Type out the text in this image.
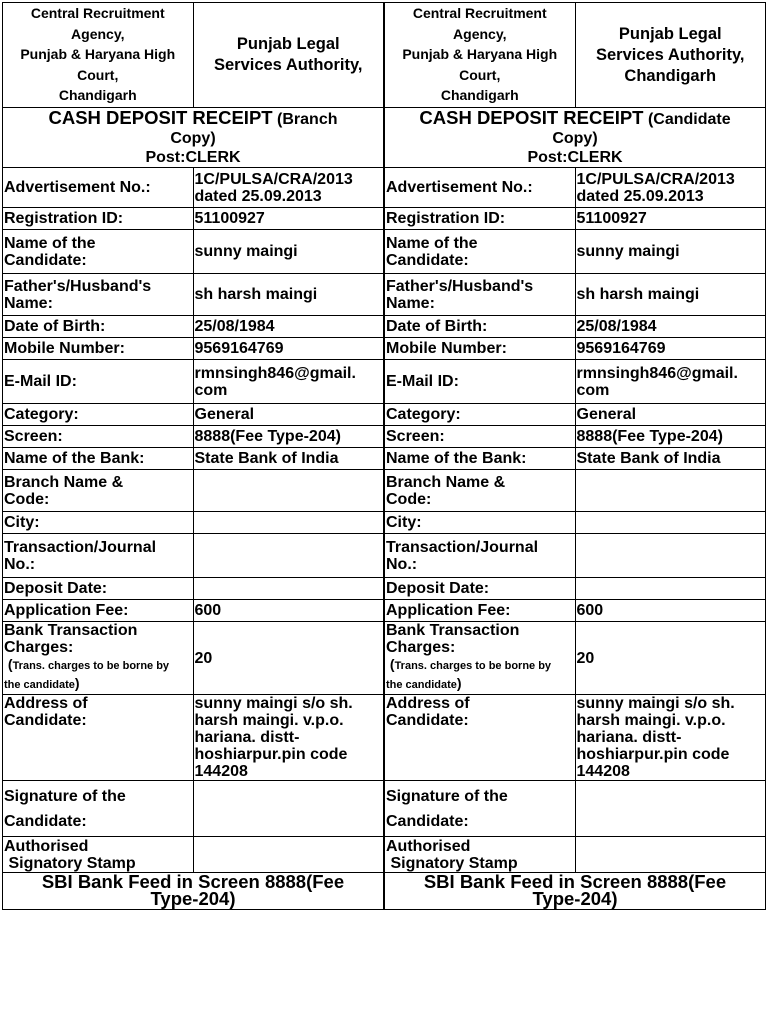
Central Recruitment
Agency,
Punjab & Haryana High
Court,
Chandigarh	Punjab Legal
Services Authority,
CASH DEPOSIT RECEIPT (Branch
Copy)
Post:CLERK	
Advertisement No.:	1C/PULSA/CRA/2013
dated 25.09.2013
Registration ID:	51100927
Name of the
Candidate:	sunny maingi
Father's/Husband's
Name:	sh harsh maingi
Date of Birth:	25/08/1984
Mobile Number:	9569164769
E-Mail ID:	rmnsingh846@gmail.
com
Category:	General
Screen:	8888(Fee Type-204)
Name of the Bank:	State Bank of India
Branch Name &
Code:	
City:	
Transaction/Journal
No.:	
Deposit Date:	
Application Fee:	600
Bank Transaction
Charges:
(Trans. charges to be borne by
the candidate)	20
Address of
Candidate:	sunny maingi s/o sh.
harsh maingi. v.p.o.
hariana. distt-
hoshiarpur.pin code
144208
Signature of the
Candidate:	
Authorised
Signatory Stamp	
SBI Bank Feed in Screen 8888(Fee
Type-204)	
Central Recruitment
Agency,
Punjab & Haryana High
Court,
Chandigarh	Punjab Legal
Services Authority,
Chandigarh
CASH DEPOSIT RECEIPT (Candidate
Copy)
Post:CLERK	
Advertisement No.:	1C/PULSA/CRA/2013
dated 25.09.2013
Registration ID:	51100927
Name of the
Candidate:	sunny maingi
Father's/Husband's
Name:	sh harsh maingi
Date of Birth:	25/08/1984
Mobile Number:	9569164769
E-Mail ID:	rmnsingh846@gmail.
com
Category:	General
Screen:	8888(Fee Type-204)
Name of the Bank:	State Bank of India
Branch Name &
Code:	
City:	
Transaction/Journal
No.:	
Deposit Date:	
Application Fee:	600
Bank Transaction
Charges:
(Trans. charges to be borne by
the candidate)	20
Address of
Candidate:	sunny maingi s/o sh.
harsh maingi. v.p.o.
hariana. distt-
hoshiarpur.pin code
144208
Signature of the
Candidate:	
Authorised
Signatory Stamp	
SBI Bank Feed in Screen 8888(Fee
Type-204)	
